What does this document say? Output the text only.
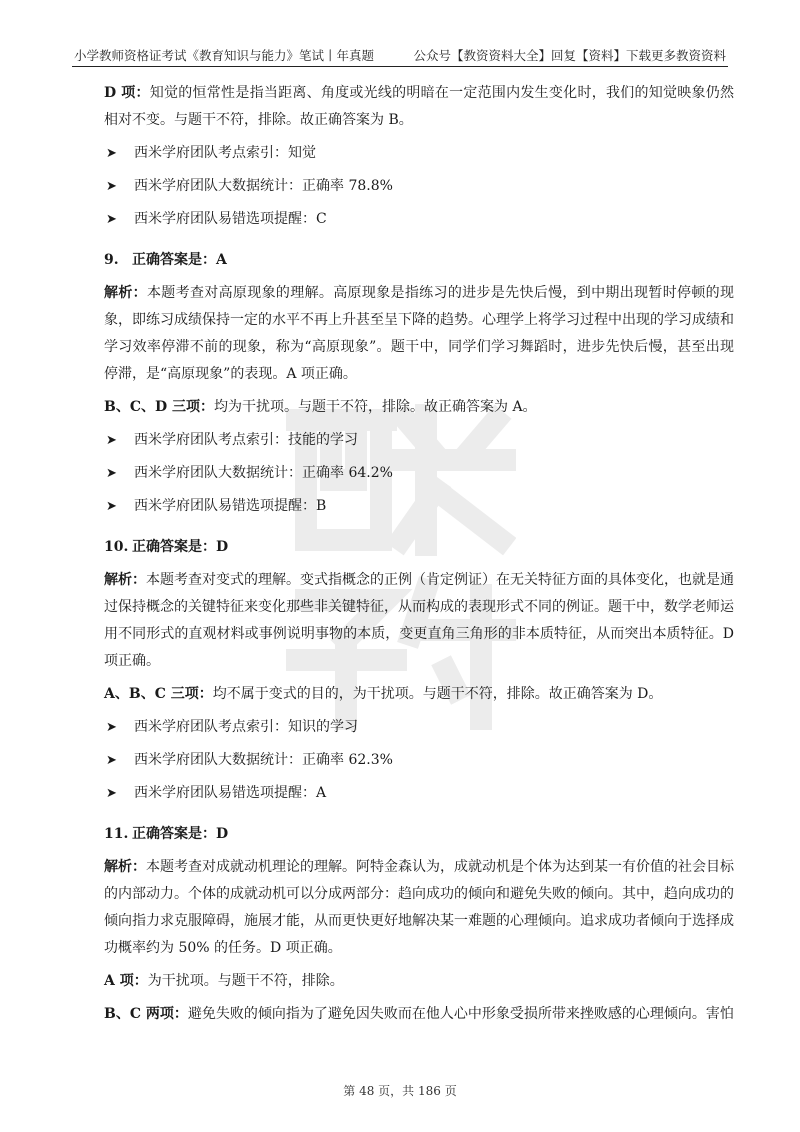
小学教师资格证考试《教育知识与能力》笔试丨年真题	公众号【教资资料大全】回复【资料】下载更多教资资料

D 项：知觉的恒常性是指当距离、角度或光线的明暗在一定范围内发生变化时，我们的知觉映象仍然相对不变。与题干不符，排除。故正确答案为 B。

➤ 西米学府团队考点索引：知觉
➤ 西米学府团队大数据统计：正确率 78.8%
➤ 西米学府团队易错选项提醒：C
9. 正确答案是：A

解析：本题考查对高原现象的理解。高原现象是指练习的进步是先快后慢，到中期出现暂时停顿的现象，即练习成绩保持一定的水平不再上升甚至呈下降的趋势。心理学上将学习过程中出现的学习成绩和学习效率停滞不前的现象，称为“高原现象”。题干中，同学们学习舞蹈时，进步先快后慢，甚至出现停滞，是“高原现象”的表现。A 项正确。

B、C、D 三项：均为干扰项。与题干不符，排除。故正确答案为 A。

➤ 西米学府团队考点索引：技能的学习
➤ 西米学府团队大数据统计：正确率 64.2%
➤ 西米学府团队易错选项提醒：B
10. 正确答案是：D

解析：本题考查对变式的理解。变式指概念的正例（肯定例证）在无关特征方面的具体变化，也就是通过保持概念的关键特征来变化那些非关键特征，从而构成的表现形式不同的例证。题干中，数学老师运用不同形式的直观材料或事例说明事物的本质，变更直角三角形的非本质特征，从而突出本质特征。D 项正确。

A、B、C 三项：均不属于变式的目的，为干扰项。与题干不符，排除。故正确答案为 D。

➤ 西米学府团队考点索引：知识的学习
➤ 西米学府团队大数据统计：正确率 62.3%
➤ 西米学府团队易错选项提醒：A
11. 正确答案是：D

解析：本题考查对成就动机理论的理解。阿特金森认为，成就动机是个体为达到某一有价值的社会目标的内部动力。个体的成就动机可以分成两部分：趋向成功的倾向和避免失败的倾向。其中，趋向成功的倾向指力求克服障碍，施展才能，从而更快更好地解决某一难题的心理倾向。追求成功者倾向于选择成功概率约为 50% 的任务。D 项正确。

A 项：为干扰项。与题干不符，排除。

B、C 两项：避免失败的倾向指为了避免因失败而在他人心中形象受损所带来挫败感的心理倾向。害怕

第 48 页，共 186 页
